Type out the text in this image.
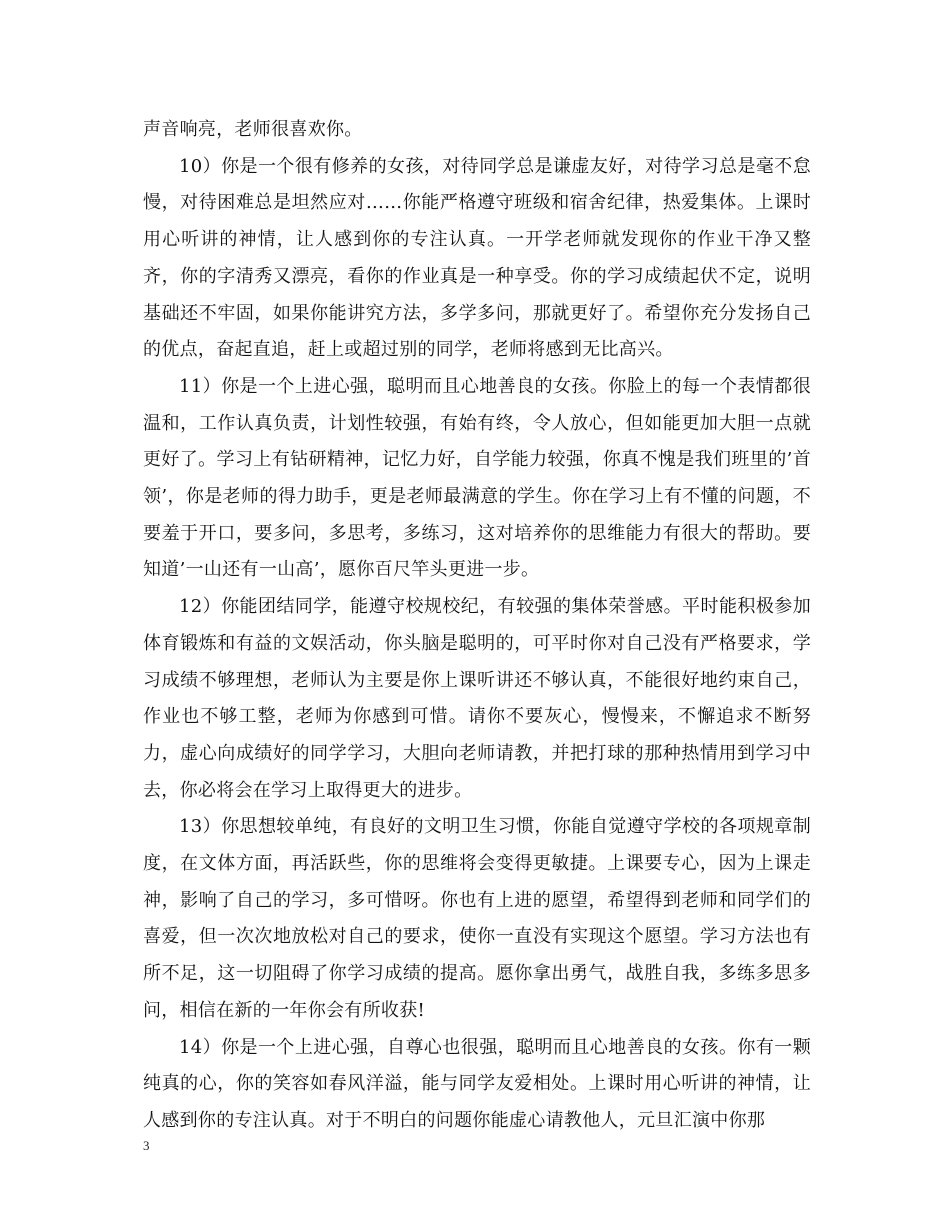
声音响亮，老师很喜欢你。

10）你是一个很有修养的女孩，对待同学总是谦虚友好，对待学习总是毫不怠慢，对待困难总是坦然应对……你能严格遵守班级和宿舍纪律，热爱集体。上课时用心听讲的神情，让人感到你的专注认真。一开学老师就发现你的作业干净又整齐，你的字清秀又漂亮，看你的作业真是一种享受。你的学习成绩起伏不定，说明基础还不牢固，如果你能讲究方法，多学多问，那就更好了。希望你充分发扬自己的优点，奋起直追，赶上或超过别的同学，老师将感到无比高兴。

11）你是一个上进心强，聪明而且心地善良的女孩。你脸上的每一个表情都很温和，工作认真负责，计划性较强，有始有终，令人放心，但如能更加大胆一点就更好了。学习上有钻研精神，记忆力好，自学能力较强，你真不愧是我们班里的’首领’，你是老师的得力助手，更是老师最满意的学生。你在学习上有不懂的问题，不要羞于开口，要多问，多思考，多练习，这对培养你的思维能力有很大的帮助。要知道’一山还有一山高’，愿你百尺竿头更进一步。

12）你能团结同学，能遵守校规校纪，有较强的集体荣誉感。平时能积极参加体育锻炼和有益的文娱活动，你头脑是聪明的，可平时你对自己没有严格要求，学习成绩不够理想，老师认为主要是你上课听讲还不够认真，不能很好地约束自己，作业也不够工整，老师为你感到可惜。请你不要灰心，慢慢来，不懈追求不断努力，虚心向成绩好的同学学习，大胆向老师请教，并把打球的那种热情用到学习中去，你必将会在学习上取得更大的进步。

13）你思想较单纯，有良好的文明卫生习惯，你能自觉遵守学校的各项规章制度，在文体方面，再活跃些，你的思维将会变得更敏捷。上课要专心，因为上课走神，影响了自己的学习，多可惜呀。你也有上进的愿望，希望得到老师和同学们的喜爱，但一次次地放松对自己的要求，使你一直没有实现这个愿望。学习方法也有所不足，这一切阻碍了你学习成绩的提高。愿你拿出勇气，战胜自我，多练多思多问，相信在新的一年你会有所收获!

14）你是一个上进心强，自尊心也很强，聪明而且心地善良的女孩。你有一颗纯真的心，你的笑容如春风洋溢，能与同学友爱相处。上课时用心听讲的神情，让人感到你的专注认真。对于不明白的问题你能虚心请教他人，元旦汇演中你那

3
